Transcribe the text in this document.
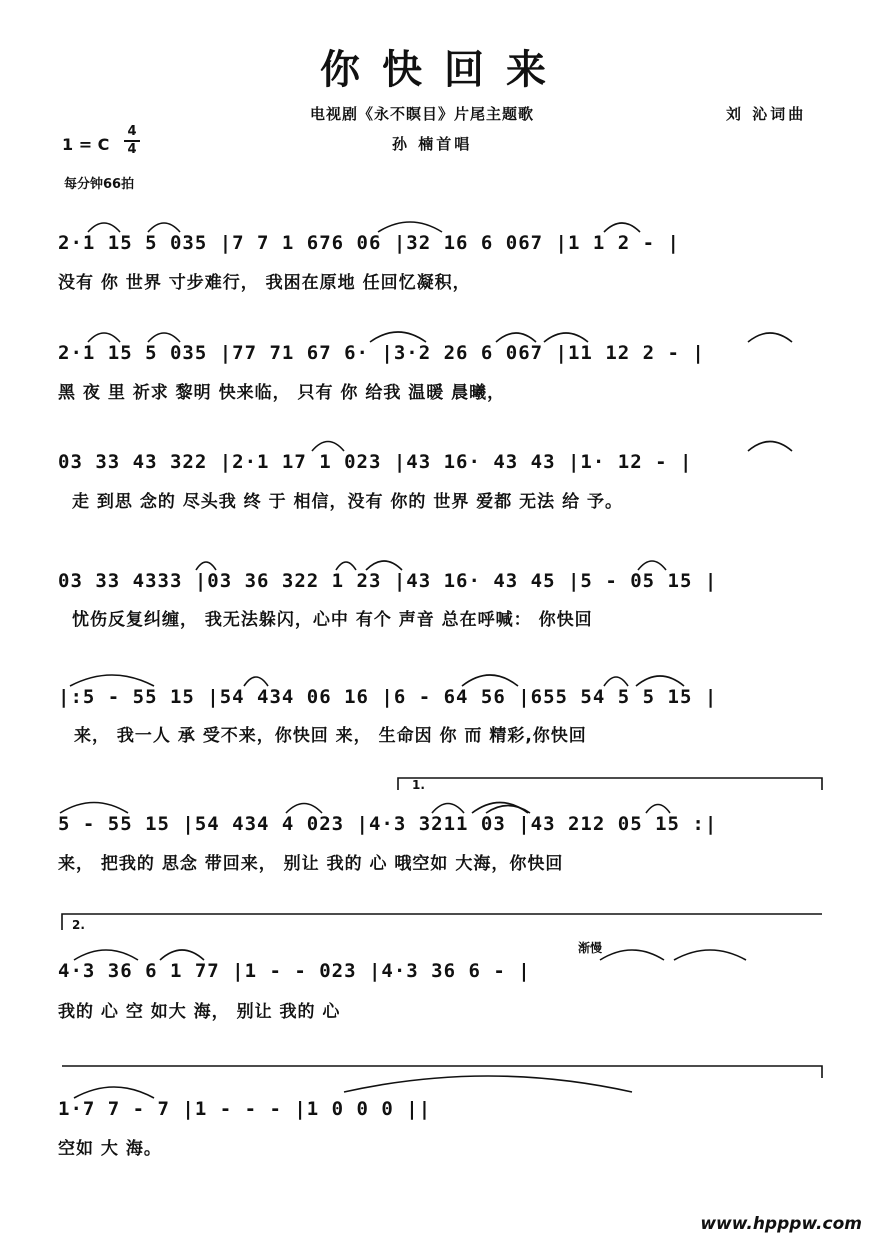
你快回来
电视剧《永不瞑目》片尾主题歌	刘 沁词曲
孙 楠首唱
1 = C
4
4
每分钟66拍
2·1 15 5 035 |7 7 1 676 06 |32 16 6 067 |1 1 2 - |
没有 你 世界 寸步难行， 我困在原地 任回忆凝积，
2·1 15 5 035 |77 71 67 6· |3·2 26 6 067 |11 12 2 - |
黑 夜 里 祈求 黎明 快来临， 只有 你 给我 温暖 晨曦，
03 33 43 322 |2·1 17 1 023 |43 16· 43 43 |1· 12 - |
走 到思 念的 尽头我 终 于 相信，没有 你的 世界 爱都 无法 给 予。
03 33 4333 |03 36 322 1 23 |43 16· 43 45 |5 - 05 15 |
忧伤反复纠缠， 我无法躲闪，心中 有个 声音 总在呼喊： 你快回
|:5 - 55 15 |54 434 06 16 |6 - 64 56 |655 54 5 5 15 |
来， 我一人 承 受不来，你快回 来， 生命因 你 而 精彩,你快回
1.
5 - 55 15 |54 434 4 023 |4·3 3211 03 |43 212 05 15 :|
来， 把我的 思念 带回来， 别让 我的 心 哦空如 大海，你快回
2.
渐慢
4·3 36 6 1 77 |1 - - 023 |4·3 36 6 - |
我的 心 空 如大 海， 别让 我的 心
1·7 7 - 7 |1 - - - |1 0 0 0 ||
空如 大 海。
www.hpppw.com
